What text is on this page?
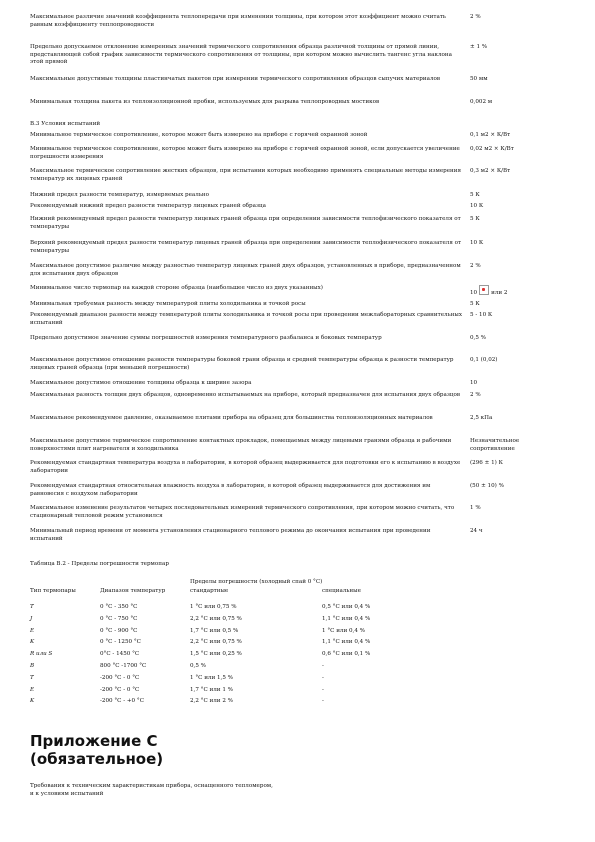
Максимальное различие значений коэффициента теплопередачи при изменении толщины, при котором этот коэффициент можно считать равным коэффициенту теплопроводности
2 %
Предельно допускаемое отклонение измеренных значений термического сопротивления образца различной толщины от прямой линии, представляющей собой график зависимости термического сопротивления от толщины, при котором можно вычислить тангенс угла наклона этой прямой
± 1 %
Максимальные допустимые толщины пластинчатых пакетов при измерении термического сопротивления образцов сыпучих материалов	50 мм
Минимальная толщина пакета из теплоизоляционной пробки, используемых для разрыва теплопроводных мостиков	0,002 м
В.3 Условия испытаний
Минимальное термическое сопротивление, которое может быть измерено на приборе с горячей охранной зоной	0,1 м2 × К/Вт
Минимальное термическое сопротивление, которое может быть измерено на приборе с горячей охранной зоной, если допускается увеличение погрешности измерения
0,02 м2 × К/Вт
Максимальное термическое сопротивление жестких образцов, при испытании которых необходимо применять специальные методы измерения температур их лицевых граней
0,3 м2 × К/Вт
Нижний предел разности температур, измеряемых реально	5 К
Рекомендуемый нижний предел разности температур лицевых граней образца	10 К
Нижний рекомендуемый предел разности температур лицевых граней образца при определении зависимости теплофизического показателя от температуры
5 К
Верхний рекомендуемый предел разности температур лицевых граней образца при определении зависимости теплофизического показателя от температуры
10 К
Максимальное допустимое различие между разностью температур лицевых граней двух образцов, установленных в приборе, предназначенном для испытания двух образцов
2 %
Минимальное число термопар на каждой стороне образца (наибольшее число из двух указанных)
10	или 2
Минимальная требуемая разность между температурой плиты холодильника и точкой росы	5 К
Рекомендуемый диапазон разности между температурой плиты холодильника и точкой росы при проведении межлабораторных сравнительных испытаний
5 - 10 К
Предельно допустимое значение суммы погрешностей измерения температурного разбаланса и боковых температур	0,5 %
Максимальное допустимое отношение разности температуры боковой грани образца и средней температуры образца к разности температур лицевых граней образца (при меньшей погрешности)
0,1 (0,02)
Максимальное допустимое отношение толщины образца к ширине зазора	10
Максимальная разность толщин двух образцов, одновременно испытываемых на приборе, который предназначен для испытания двух образцов	2 %
Максимальное рекомендуемое давление, оказываемое плитами прибора на образец для большинства теплоизоляционных материалов	2,5 кПа
Максимальное допустимое термическое сопротивление контактных прокладок, помещаемых между лицевыми гранями образца и рабочими поверхностями плит нагревателя и холодильника
Незначительное сопротивление
Рекомендуемая стандартная температура воздуха в лаборатории, в которой образец выдерживается для подготовки его к испытанию в воздухе лаборатории
(296 ± 1) К
Рекомендуемая стандартная относительная влажность воздуха в лаборатории, в которой образец выдерживается для достижения им равновесия с воздухом лаборатории
(50 ± 10) %
Максимальное изменение результатов четырех последовательных измерений термического сопротивления, при котором можно считать, что стационарный тепловой режим установился
1 %
Минимальный период времени от момента установления стационарного теплового режима до окончания испытания при проведении испытаний
24 ч
Таблица В.2 - Пределы погрешности термопар
Пределы погрешности (холодный спай 0 °С)
Тип термопары	Диапазон температур	стандартные	специальные
T	0 °С - 350 °С	1 °С или 0,75 %	0,5 °С или 0,4 %
J	0 °С - 750 °С	2,2 °С или 0,75 %	1,1 °С или 0,4 %
E	0 °С - 900 °С	1,7 °С или 0,5 %	1 °С или 0,4 %
K	0 °С - 1250 °С	2,2 °С или 0,75 %	1,1 °С или 0,4 %
R или S	0°С - 1450 °С	1,5 °С или 0,25 %	0,6 °С или 0,1 %
B	800 °С -1700 °С	0,5 %	-
T	-200 °С - 0 °С	1 °С или 1,5 %	-
E	-200 °С - 0 °С	1,7 °С или 1 %	-
K	-200 °С - +0 °С	2,2 °С или 2 %	-
Приложение С
(обязательное)
Требования к техническим характеристикам прибора, оснащенного тепломером,
и к условиям испытаний
